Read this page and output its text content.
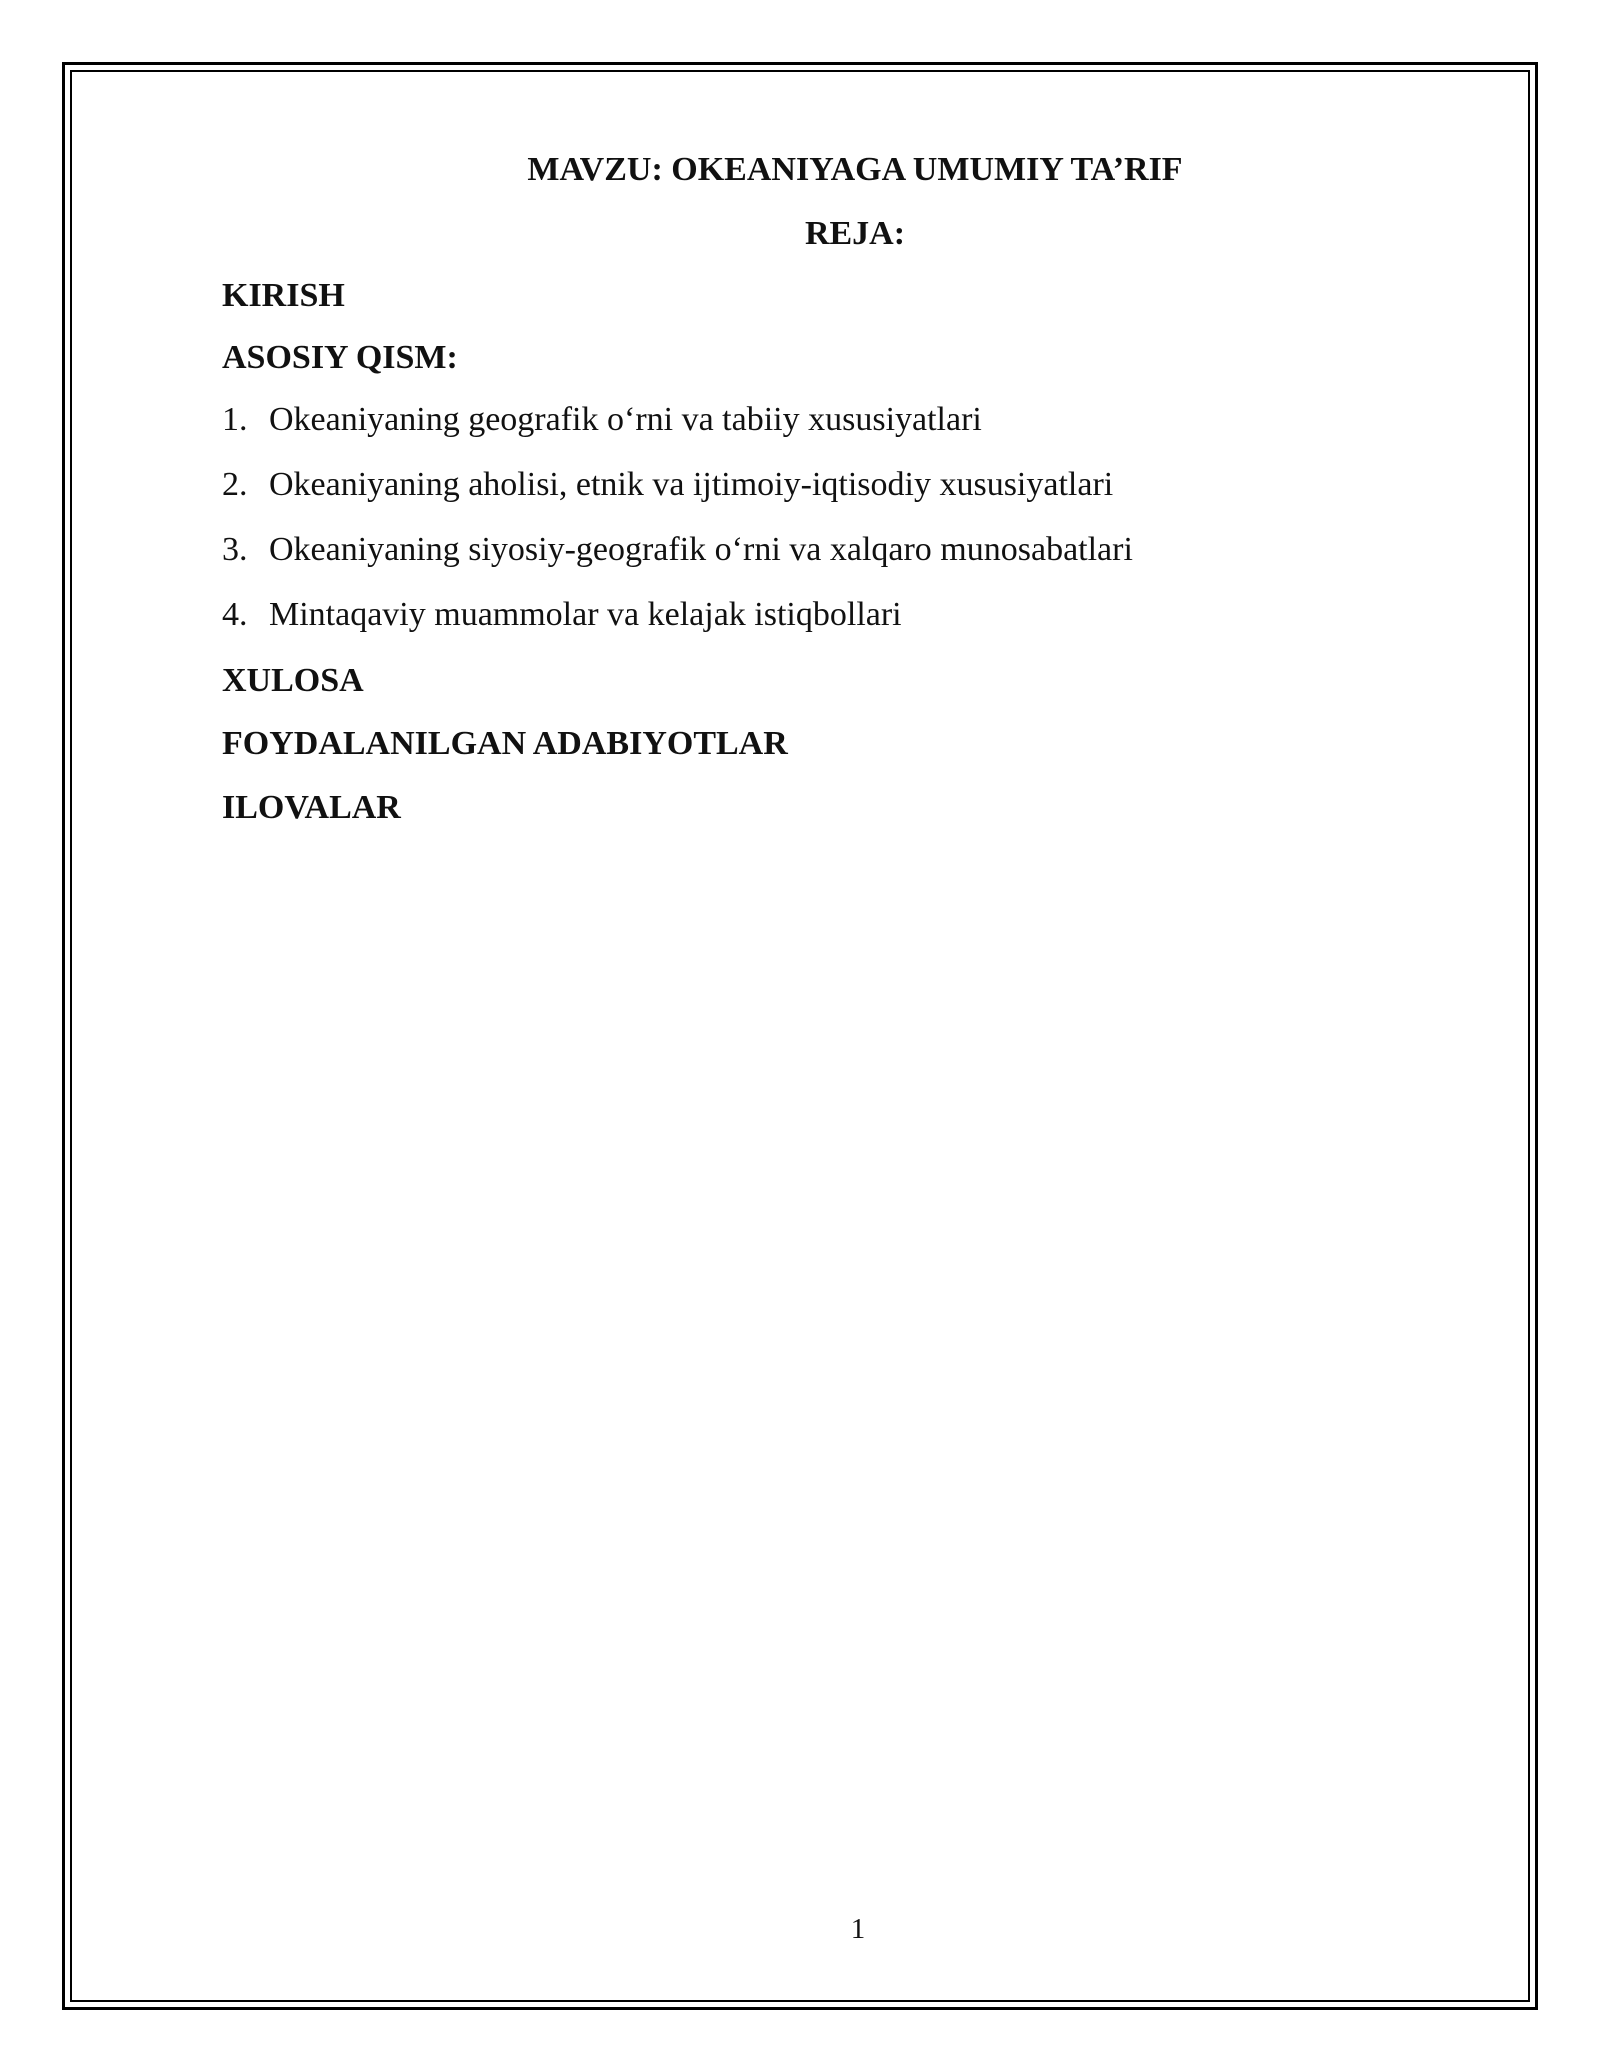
MAVZU: OKEANIYAGA UMUMIY TA’RIF
REJA:
KIRISH
ASOSIY QISM:
1. Okeaniyaning geografik o‘rni va tabiiy xususiyatlari
2. Okeaniyaning aholisi, etnik va ijtimoiy-iqtisodiy xususiyatlari
3. Okeaniyaning siyosiy-geografik o‘rni va xalqaro munosabatlari
4. Mintaqaviy muammolar va kelajak istiqbollari
XULOSA
FOYDALANILGAN ADABIYOTLAR
ILOVALAR
1
